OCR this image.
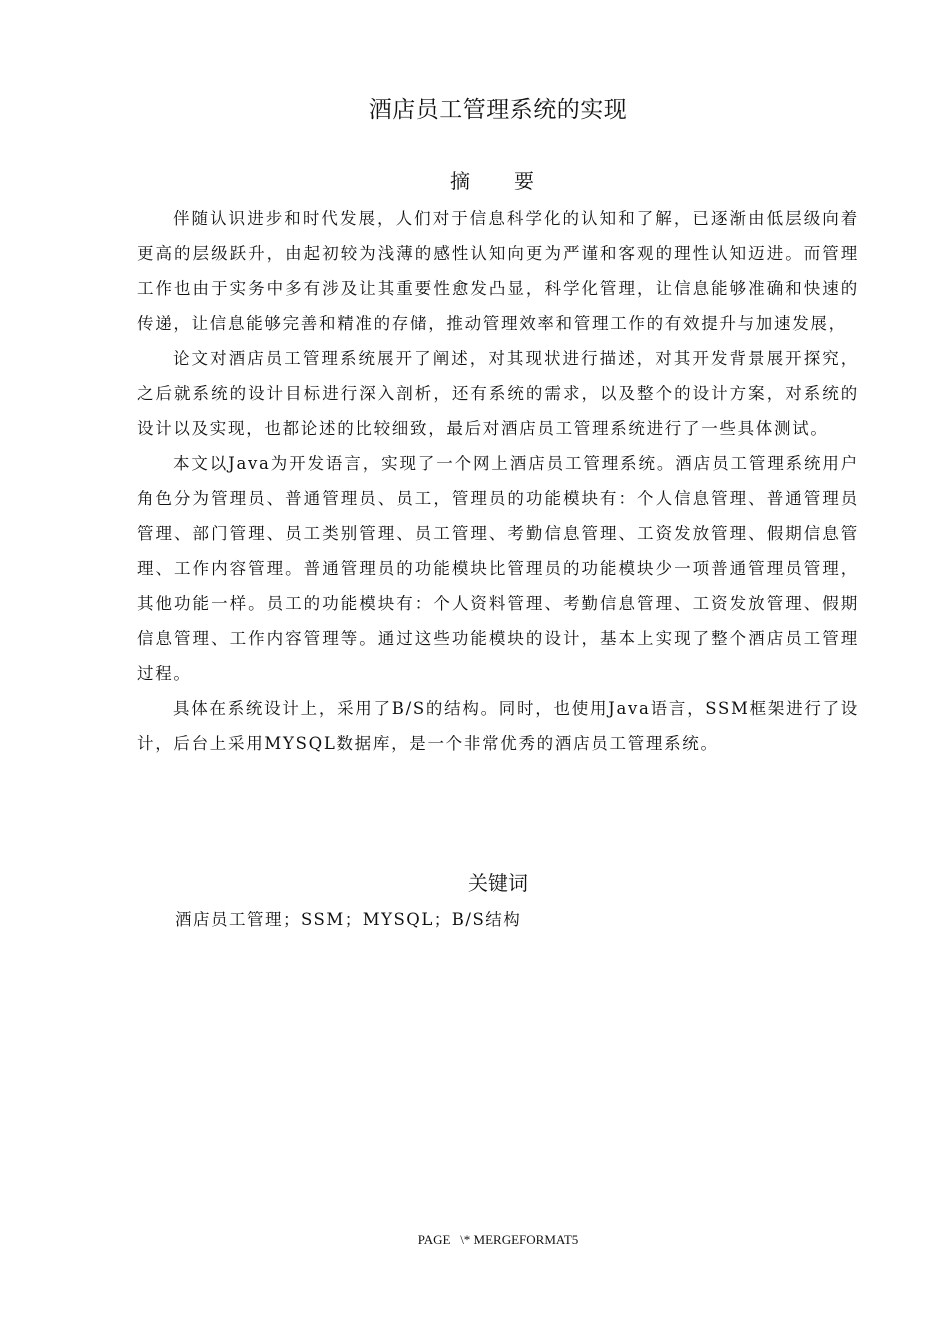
酒店员工管理系统的实现
摘　要

伴随认识进步和时代发展，人们对于信息科学化的认知和了解，已逐渐由低层级向着更高的层级跃升，由起初较为浅薄的感性认知向更为严谨和客观的理性认知迈进。而管理工作也由于实务中多有涉及让其重要性愈发凸显，科学化管理，让信息能够准确和快速的传递，让信息能够完善和精准的存储，推动管理效率和管理工作的有效提升与加速发展，

论文对酒店员工管理系统展开了阐述，对其现状进行描述，对其开发背景展开探究，之后就系统的设计目标进行深入剖析，还有系统的需求，以及整个的设计方案，对系统的设计以及实现，也都论述的比较细致，最后对酒店员工管理系统进行了一些具体测试。

本文以Java为开发语言，实现了一个网上酒店员工管理系统。酒店员工管理系统用户角色分为管理员、普通管理员、员工，管理员的功能模块有：个人信息管理、普通管理员管理、部门管理、员工类别管理、员工管理、考勤信息管理、工资发放管理、假期信息管理、工作内容管理。普通管理员的功能模块比管理员的功能模块少一项普通管理员管理，其他功能一样。员工的功能模块有：个人资料管理、考勤信息管理、工资发放管理、假期信息管理、工作内容管理等。通过这些功能模块的设计，基本上实现了整个酒店员工管理过程。

具体在系统设计上，采用了B/S的结构。同时，也使用Java语言，SSM框架进行了设计，后台上采用MYSQL数据库，是一个非常优秀的酒店员工管理系统。

关键词
酒店员工管理；SSM；MYSQL；B/S结构
PAGE   \* MERGEFORMAT5
